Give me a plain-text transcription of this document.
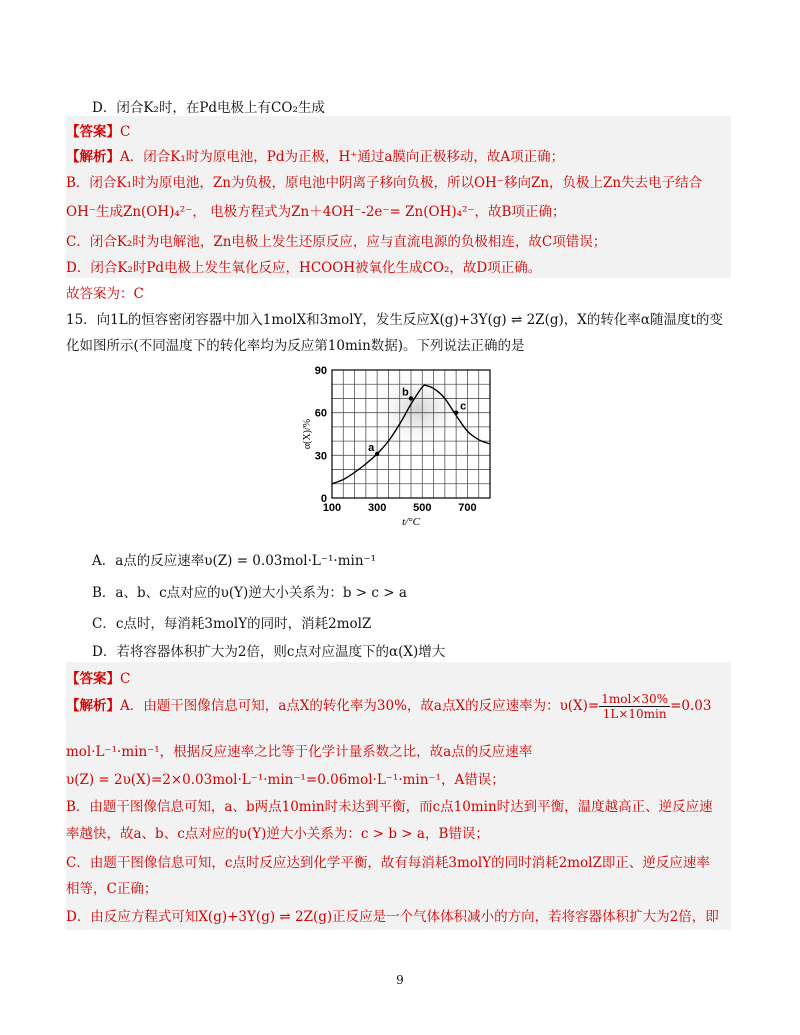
D．闭合K₂时，在Pd电极上有CO₂生成
【答案】C
【解析】A．闭合K₁时为原电池，Pd为正极，H⁺通过a膜向正极移动，故A项正确；
B．闭合K₁时为原电池，Zn为负极，原电池中阴离子移向负极，所以OH⁻移向Zn，负极上Zn失去电子结合
OH⁻生成Zn(OH)₄²⁻， 电极方程式为Zn＋4OH⁻-2e⁻= Zn(OH)₄²⁻，故B项正确；
C．闭合K₂时为电解池，Zn电极上发生还原反应，应与直流电源的负极相连，故C项错误；
D．闭合K₂时Pd电极上发生氧化反应，HCOOH被氧化生成CO₂，故D项正确。
故答案为：C
15．向1L的恒容密闭容器中加入1molX和3molY，发生反应X(g)+3Y(g) ⇌ 2Z(g)，X的转化率α随温度t的变
化如图所示(不同温度下的转化率均为反应第10min数据)。下列说法正确的是
100 300 500 700
0
30
60
90
t/°C
α(X)/%	a
b
c
A．a点的反应速率υ(Z) = 0.03mol·L⁻¹·min⁻¹
B．a、b、c点对应的υ(Y)逆大小关系为：b > c > a
C．c点时，每消耗3molY的同时，消耗2molZ
D．若将容器体积扩大为2倍，则c点对应温度下的α(X)增大
【答案】C
【解析】A．由题干图像信息可知，a点X的转化率为30%，故a点X的反应速率为：$\upsilon(X)= \frac{\text{1mol×30\%}}{1L\times 10\min} =0.03$
mol·L⁻¹·min⁻¹，根据反应速率之比等于化学计量系数之比，故a点的反应速率
υ(Z) = 2υ(X)=2×0.03mol·L⁻¹·min⁻¹=0.06mol·L⁻¹·min⁻¹，A错误；
B．由题干图像信息可知，a、b两点10min时未达到平衡，而c点10min时达到平衡，温度越高正、逆反应速
率越快，故a、b、c点对应的υ(Y)逆大小关系为：c > b > a，B错误；
C．由题干图像信息可知，c点时反应达到化学平衡，故有每消耗3molY的同时消耗2molZ即正、逆反应速率
相等，C正确；
D．由反应方程式可知X(g)+3Y(g) ⇌ 2Z(g)正反应是一个气体体积减小的方向，若将容器体积扩大为2倍，即
9
